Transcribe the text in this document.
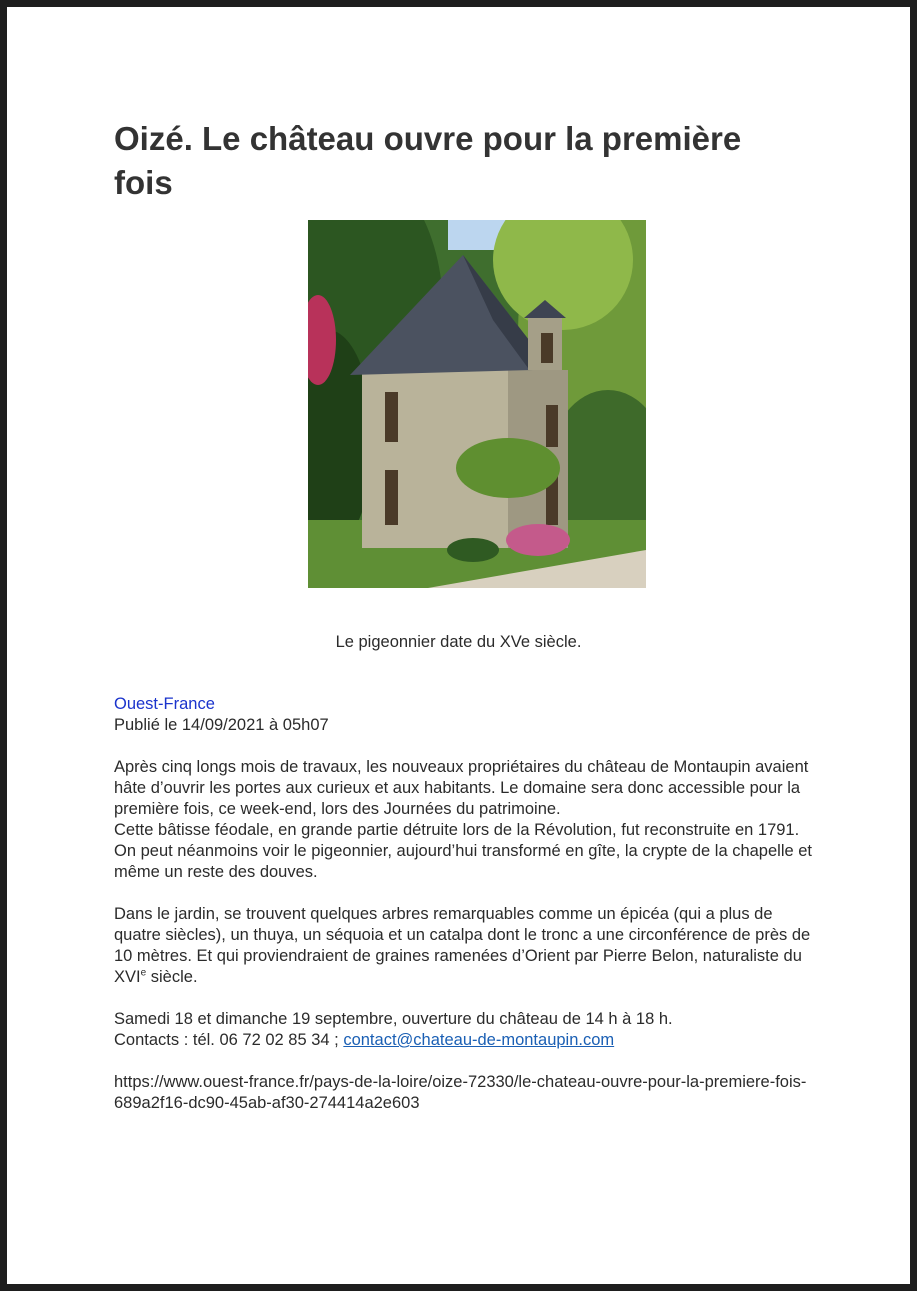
Oizé. Le château ouvre pour la première fois
Le pigeonnier date du XVe siècle.

Ouest-France

Publié le 14/09/2021 à 05h07

Après cinq longs mois de travaux, les nouveaux propriétaires du château de Montaupin avaient hâte d’ouvrir les portes aux curieux et aux habitants. Le domaine sera donc accessible pour la première fois, ce week-end, lors des Journées du patrimoine.

Cette bâtisse féodale, en grande partie détruite lors de la Révolution, fut reconstruite en 1791. On peut néanmoins voir le pigeonnier, aujourd’hui transformé en gîte, la crypte de la chapelle et même un reste des douves.

Dans le jardin, se trouvent quelques arbres remarquables comme un épicéa (qui a plus de quatre siècles), un thuya, un séquoia et un catalpa dont le tronc a une circonférence de près de 10 mètres. Et qui proviendraient de graines ramenées d’Orient par Pierre Belon, naturaliste du XVIe siècle.

Samedi 18 et dimanche 19 septembre, ouverture du château de 14 h à 18 h.

Contacts : tél. 06 72 02 85 34 ; contact@chateau-de-montaupin.com

https://www.ouest-france.fr/pays-de-la-loire/oize-72330/le-chateau-ouvre-pour-la-premiere-fois-689a2f16-dc90-45ab-af30-274414a2e603
